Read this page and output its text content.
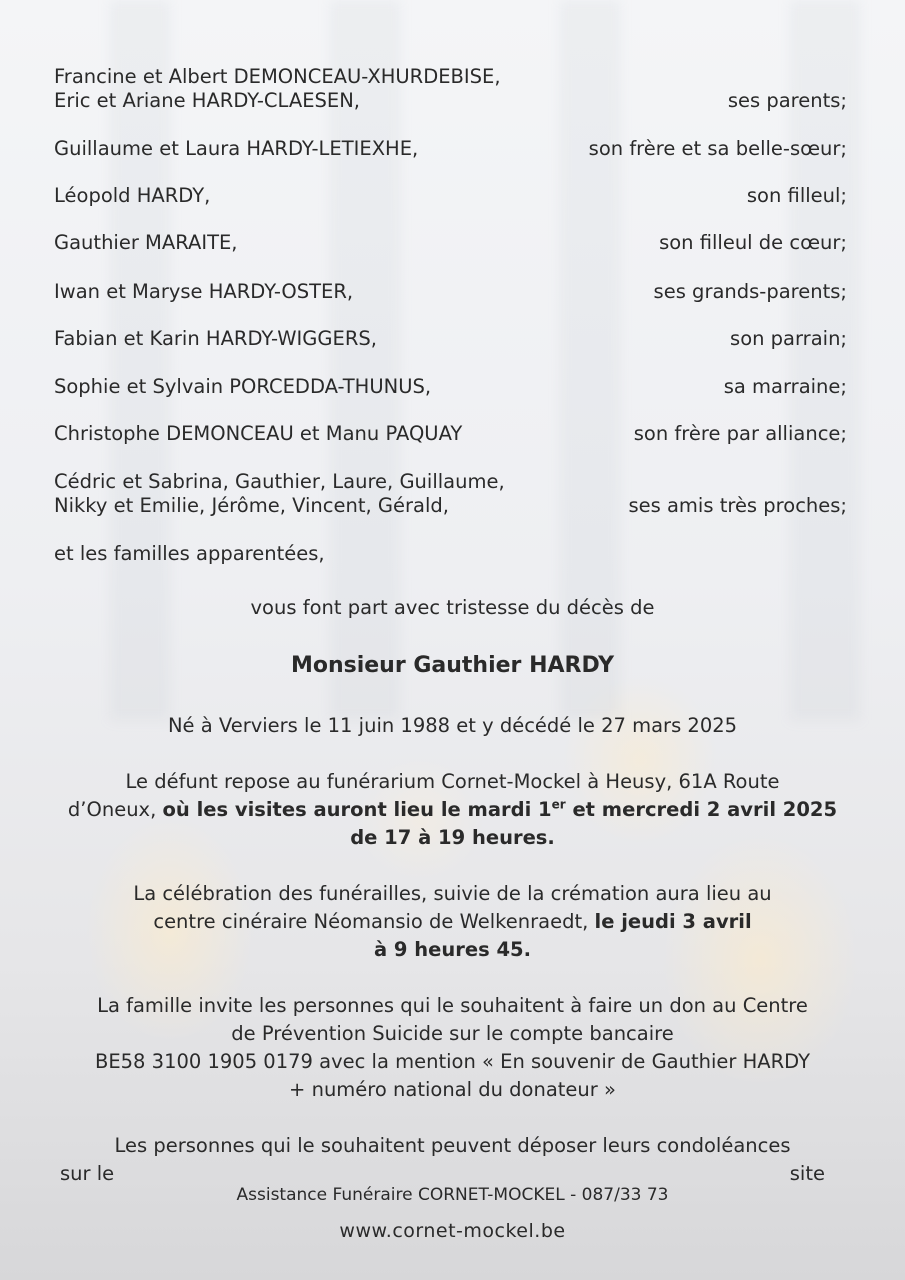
Francine et Albert DEMONCEAU-XHURDEBISE,
Eric et Ariane HARDY-CLAESEN,	ses parents;
Guillaume et Laura HARDY-LETIEXHE,	son frère et sa belle-sœur;
Léopold HARDY,	son filleul;
Gauthier MARAITE,	son filleul de cœur;
Iwan et Maryse HARDY-OSTER,	ses grands-parents;
Fabian et Karin HARDY-WIGGERS,	son parrain;
Sophie et Sylvain PORCEDDA-THUNUS,	sa marraine;
Christophe DEMONCEAU et Manu PAQUAY	son frère par alliance;
Cédric et Sabrina, Gauthier, Laure, Guillaume,
Nikky et Emilie, Jérôme, Vincent, Gérald,	ses amis très proches;
et les familles apparentées,
vous font part avec tristesse du décès de
Monsieur Gauthier HARDY
Né à Verviers le 11 juin 1988 et y décédé le 27 mars 2025
Le défunt repose au funérarium Cornet-Mockel à Heusy, 61A Route
d’Oneux, où les visites auront lieu le mardi 1er et mercredi 2 avril 2025
de 17 à 19 heures.
La célébration des funérailles, suivie de la crémation aura lieu au
centre cinéraire Néomansio de Welkenraedt, le jeudi 3 avril
à 9 heures 45.
La famille invite les personnes qui le souhaitent à faire un don au Centre
de Prévention Suicide sur le compte bancaire
BE58 3100 1905 0179 avec la mention « En souvenir de Gauthier HARDY
+ numéro national du donateur »
Les personnes qui le souhaitent peuvent déposer leurs condoléances
sur le	site
Assistance Funéraire CORNET-MOCKEL - 087/33 73
www.cornet-mockel.be
